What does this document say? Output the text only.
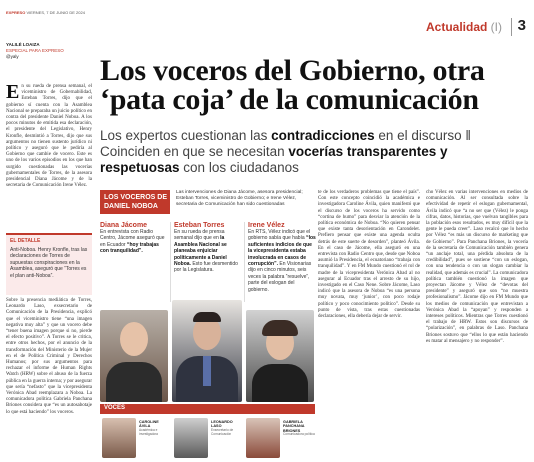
EXPRESO VIERNES, 7 DE JUNIO DE 2024
Actualidad (I) 3
YALILÉ LOAIZA
ESPECIAL PARA EXPRESO
@yaly	Los voceros del Gobierno, otra ‘pata coja’ de la comunicación
Los expertos cuestionan las contradicciones en el discurso ‖ Coinciden en que se necesitan vocerías transparentes y respetuosas con los ciudadanos
En su rueda de prensa semanal, el viceministro de Gobernabilidad, Esteban Torres, dijo que el gobierno sí cuenta con la Asamblea Nacional se preparaba un juicio político en contra del presidente Daniel Noboa. A los pocos minutos de emitida esa declaración, el presidente del Legislativo, Henry Kronfle, desmintió a Torres, dijo que sus argumentos no tienen sustento jurídico ni político y aseguró que le pediría al Gobierno que cambie de vocero. Este es uno de los varios episodios en los que han surgido cuestionadas las vocerías gubernamentales de Torres, de la asesora presidencial Diana Jácome y de la secretaria de Comunicación Irene Vélez.
EL DETALLE
Anti-Noboa. Henry Kronfle, tras las declaraciones de Torres de supuestas conspiraciones en la Asamblea, aseguró que “Torres es el plan anti-Noboa”.
Sobre la presencia mediática de Torres, Leonardo Laso, exsecretario de Comunicación de la Presidencia, explicó que el viceministro tiene “una imagen negativa muy alta” y que un vocero debe “tener buena imagen porque si no, pierde el efecto positivo”. A Torres se le critica, entre otros hechos, por el anuncio de la transformación del Ministerio de la Mujer en el de Política Criminal y Derechos Humanos; por sus argumentos para rechazar el informe de Human Rights Watch (HRW) sobre el abuso de la fuerza pública en la guerra interna; y por asegurar que sería “nefasto” que la vicepresidenta Verónica Abad reemplazara a Noboa. La comunicadora política Gabriela Panchana Briones considera que “es un autosabotaje lo que está haciendo” los voceros.
LOS VOCEROS DE DANIEL NOBOA
Las intervenciones de Diana Jácome, asesora presidencial; Esteban Torres, viceministro de Gobierno; e Irene Vélez, secretaria de Comunicación han sido cuestionadas
Diana Jácome
En entrevista con Radio Centro, Jácome aseguró que en Ecuador “hoy trabajas con tranquilidad”.
Esteban Torres
En su rueda de prensa semanal dijo que en la Asamblea Nacional se planeaba enjuiciar políticamente a Daniel Noboa. Esto fue desmentido por la Legislatura.
Irene Vélez
En RTS, Vélez indicó que el gobierno sabía que había “los suficientes indicios de que la vicepresidenta estaba involucrada en casos de corrupción”. En Visionarias dijo en cinco minutos, seis veces la palabra “resuelve”, parte del eslogan del gobierno.
VOCES
CAROLINE ÁVILA
Académica e investigadora
LEONARDO LASO
Exsecretario de Comunicación
GABRIELA PANCHANA BRIONES
Comunicadora política
te de los verdaderos problemas que tiene el país”. Con este concepto coincidió la académica e investigadora Caroline Ávila, quien manifestó que el discurso de los voceros ha servido como “cortina de humo” para desviar la atención de la política económica de Noboa. “No quieren pensar que existe tanta desorientación en Carondelet. Prefiero pensar que existe una agenda oculta detrás de este suerte de desorden”, planteó Ávila. En el caso de Jácome, ella aseguró en una entrevista con Radio Centro que, desde que Noboa asumió la Presidencia, el ecuatoriano “trabaja con tranquilidad”. Y en FM Mundo cuestionó el rol de madre de la vicepresidenta Verónica Abad al no asegurar al Ecuador tras el arresto de su hijo, investigado en el Caso Nene. Sobre Jácome, Laso indicó que la asesora de Noboa “es una persona muy novata, muy ‘junior’, con poco rodaje político y poco conocimiento político”. Desde su punto de vista, tras estas cuestionadas declaraciones, ella debería dejar de servir.
cho Vélez en varias intervenciones en medios de comunicación. Al ser consultada sobre la efectividad de repetir el eslogan gubernamental, Ávila indicó que “a no ser que (Vélez) le ponga cifras, datos, historias, que vuelvan tangibles para la población esos resultados, es muy difícil que la gente le pueda creer”. Laso recalcó que lo hecho por Vélez “es más un discurso de marketing que de Gobierno”. Para Panchana Briones, la vocería de la secretaria de Comunicación también genera “un anclaje total, una pérdida absoluta de la credibilidad”, pues se sostiene “con un eslogan, con una tendencia o con un slogan cambiar la realidad, que además es crucial”. La comunicadora política también cuestionó la imagen que proyectan Jácome y Vélez de “devotas del presidente” y aseguró que son “no muestra profesionalismo”. Jácome dijo en FM Mundo que los medios de comunicación que entrevistan a Verónica Abad la “apoyan” y responden a intereses políticos. Mientras que Torres cuestionó el trabajo de HRW. Estos son discursos de “polarización”, en palabras de Laso. Panchana Briones sostuvo que “ellos lo que están haciendo es matar al mensajero y no responder”.
